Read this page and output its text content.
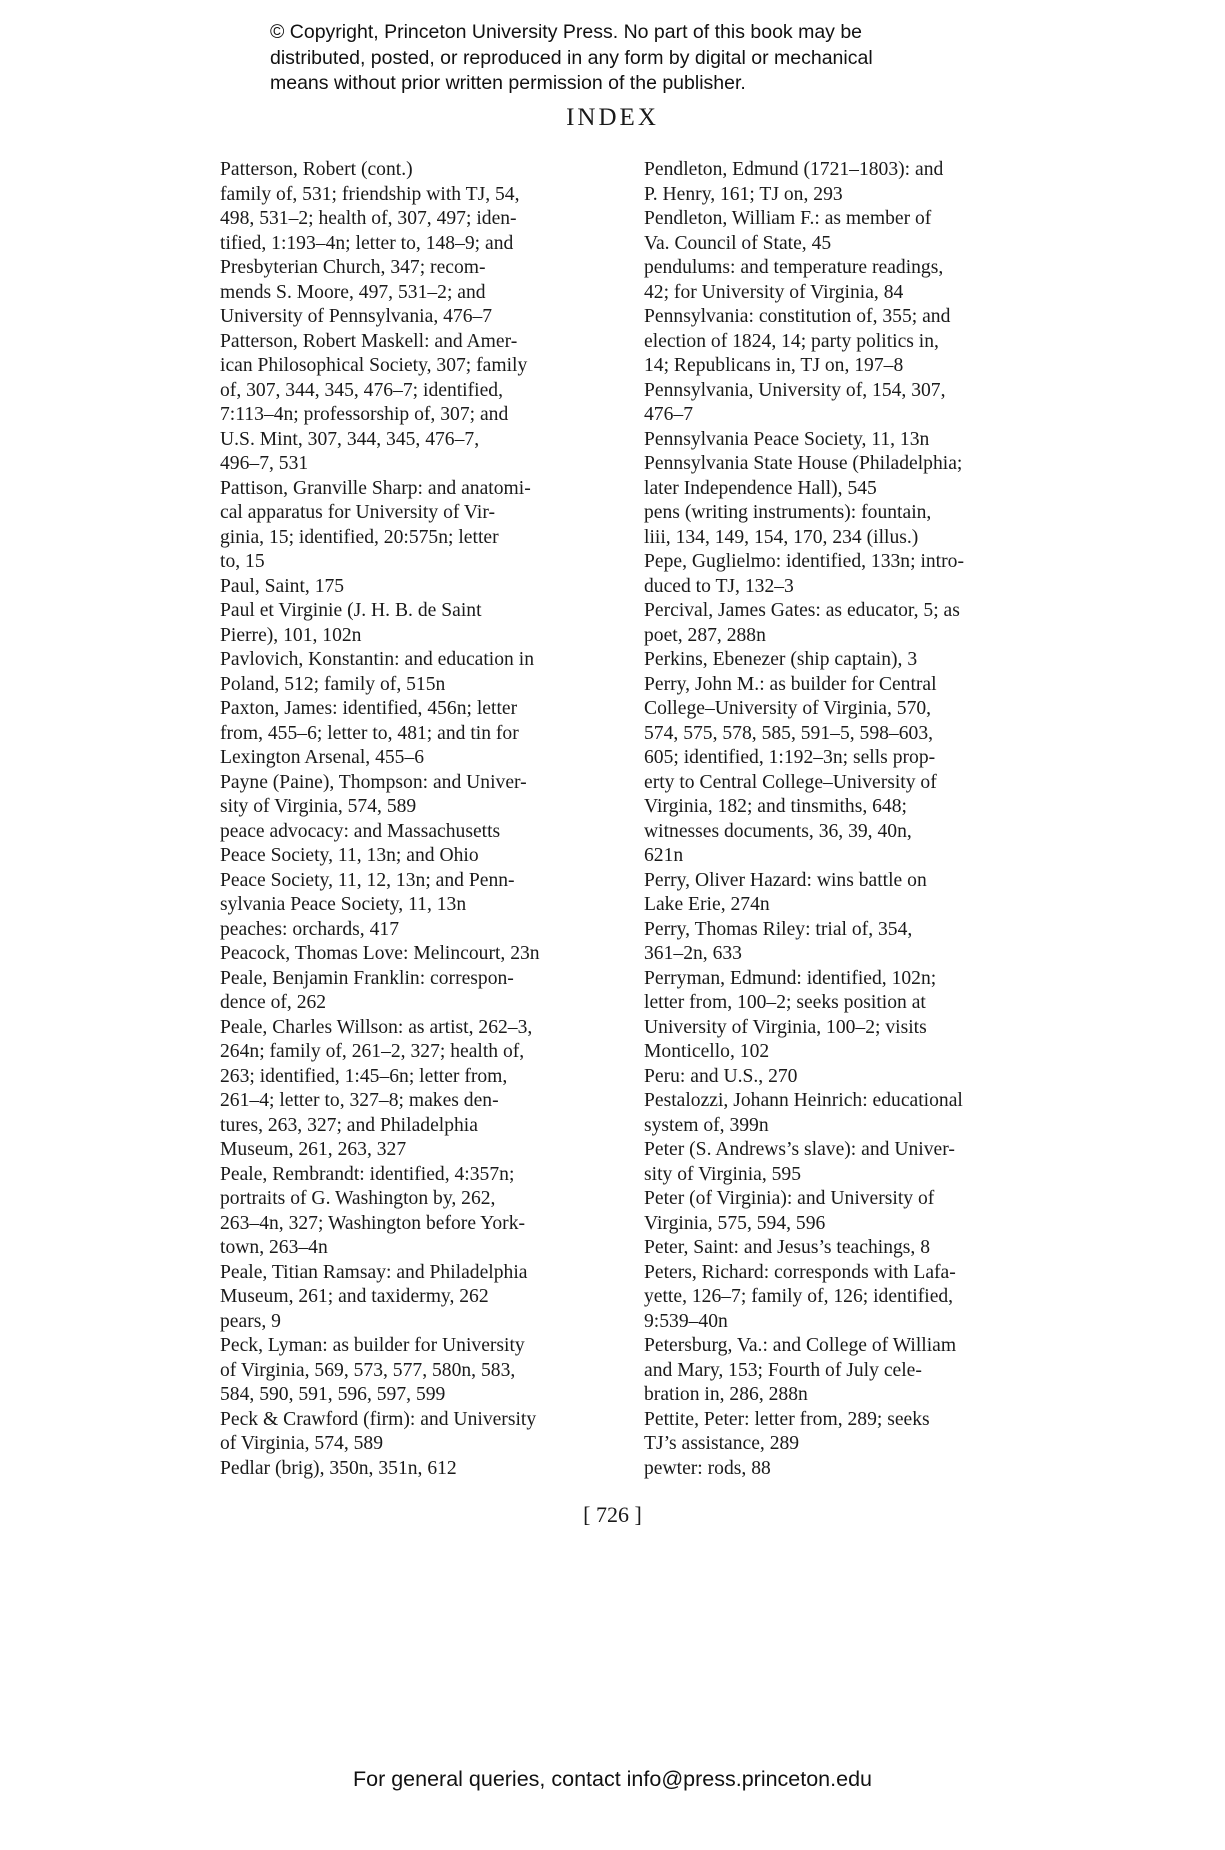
© Copyright, Princeton University Press. No part of this book may be
distributed, posted, or reproduced in any form by digital or mechanical
means without prior written permission of the publisher.
INDEX
Patterson, Robert (cont.)
family of, 531; friendship with TJ, 54,
498, 531–2; health of, 307, 497; iden-
tified, 1:193–4n; letter to, 148–9; and
Presbyterian Church, 347; recom-
mends S. Moore, 497, 531–2; and
University of Pennsylvania, 476–7
Patterson, Robert Maskell: and Amer-
ican Philosophical Society, 307; family
of, 307, 344, 345, 476–7; identified,
7:113–4n; professorship of, 307; and
U.S. Mint, 307, 344, 345, 476–7,
496–7, 531
Pattison, Granville Sharp: and anatomi-
cal apparatus for University of Vir-
ginia, 15; identified, 20:575n; letter
to, 15
Paul, Saint, 175
Paul et Virginie (J. H. B. de Saint
Pierre), 101, 102n
Pavlovich, Konstantin: and education in
Poland, 512; family of, 515n
Paxton, James: identified, 456n; letter
from, 455–6; letter to, 481; and tin for
Lexington Arsenal, 455–6
Payne (Paine), Thompson: and Univer-
sity of Virginia, 574, 589
peace advocacy: and Massachusetts
Peace Society, 11, 13n; and Ohio
Peace Society, 11, 12, 13n; and Penn-
sylvania Peace Society, 11, 13n
peaches: orchards, 417
Peacock, Thomas Love: Melincourt, 23n
Peale, Benjamin Franklin: correspon-
dence of, 262
Peale, Charles Willson: as artist, 262–3,
264n; family of, 261–2, 327; health of,
263; identified, 1:45–6n; letter from,
261–4; letter to, 327–8; makes den-
tures, 263, 327; and Philadelphia
Museum, 261, 263, 327
Peale, Rembrandt: identified, 4:357n;
portraits of G. Washington by, 262,
263–4n, 327; Washington before York-
town, 263–4n
Peale, Titian Ramsay: and Philadelphia
Museum, 261; and taxidermy, 262
pears, 9
Peck, Lyman: as builder for University
of Virginia, 569, 573, 577, 580n, 583,
584, 590, 591, 596, 597, 599
Peck & Crawford (firm): and University
of Virginia, 574, 589
Pedlar (brig), 350n, 351n, 612
Pendleton, Edmund (1721–1803): and
P. Henry, 161; TJ on, 293
Pendleton, William F.: as member of
Va. Council of State, 45
pendulums: and temperature readings,
42; for University of Virginia, 84
Pennsylvania: constitution of, 355; and
election of 1824, 14; party politics in,
14; Republicans in, TJ on, 197–8
Pennsylvania, University of, 154, 307,
476–7
Pennsylvania Peace Society, 11, 13n
Pennsylvania State House (Philadelphia;
later Independence Hall), 545
pens (writing instruments): fountain,
liii, 134, 149, 154, 170, 234 (illus.)
Pepe, Guglielmo: identified, 133n; intro-
duced to TJ, 132–3
Percival, James Gates: as educator, 5; as
poet, 287, 288n
Perkins, Ebenezer (ship captain), 3
Perry, John M.: as builder for Central
College–University of Virginia, 570,
574, 575, 578, 585, 591–5, 598–603,
605; identified, 1:192–3n; sells prop-
erty to Central College–University of
Virginia, 182; and tinsmiths, 648;
witnesses documents, 36, 39, 40n,
621n
Perry, Oliver Hazard: wins battle on
Lake Erie, 274n
Perry, Thomas Riley: trial of, 354,
361–2n, 633
Perryman, Edmund: identified, 102n;
letter from, 100–2; seeks position at
University of Virginia, 100–2; visits
Monticello, 102
Peru: and U.S., 270
Pestalozzi, Johann Heinrich: educational
system of, 399n
Peter (S. Andrews’s slave): and Univer-
sity of Virginia, 595
Peter (of Virginia): and University of
Virginia, 575, 594, 596
Peter, Saint: and Jesus’s teachings, 8
Peters, Richard: corresponds with Lafa-
yette, 126–7; family of, 126; identified,
9:539–40n
Petersburg, Va.: and College of William
and Mary, 153; Fourth of July cele-
bration in, 286, 288n
Pettite, Peter: letter from, 289; seeks
TJ’s assistance, 289
pewter: rods, 88
[ 726 ]
For general queries, contact info@press.princeton.edu
